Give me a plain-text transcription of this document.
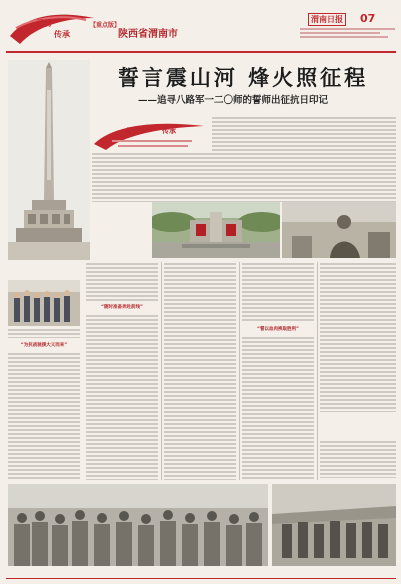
寻访
传承
【重点版】
陕西省渭南市
渭南日报 07
誓言震山河 烽火照征程
——追寻八路军一二〇师的誓师出征抗日印记
寻访	传承
“为抗战驰援大义而来”
“随时准备奔赴前线”
“誓以血肉换取胜利”
